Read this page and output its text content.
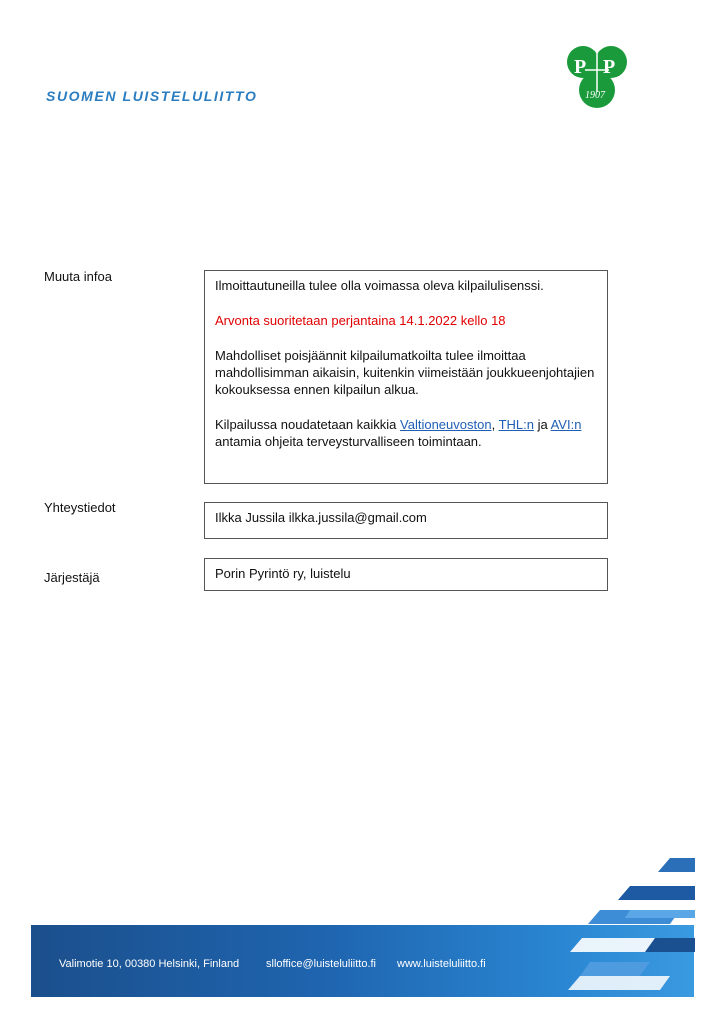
SUOMEN LUISTELULIITTO
P P
1907
Muuta infoa

Ilmoittautuneilla tulee olla voimassa oleva kilpailulisenssi.

Arvonta suoritetaan perjantaina 14.1.2022 kello 18

Mahdolliset poisjäännit kilpailumatkoilta tulee ilmoittaa mahdollisimman aikaisin, kuitenkin viimeistään joukkueenjohtajien kokouksessa ennen kilpailun alkua.

Kilpailussa noudatetaan kaikkia Valtioneuvoston, THL:n ja AVI:n antamia ohjeita terveysturvalliseen toimintaan.

Yhteystiedot
Ilkka Jussila ilkka.jussila@gmail.com
Järjestäjä	Porin Pyrintö ry, luistelu
Valimotie 10, 00380 Helsinki, Finland slloffice@luisteluliitto.fi www.luisteluliitto.fi
